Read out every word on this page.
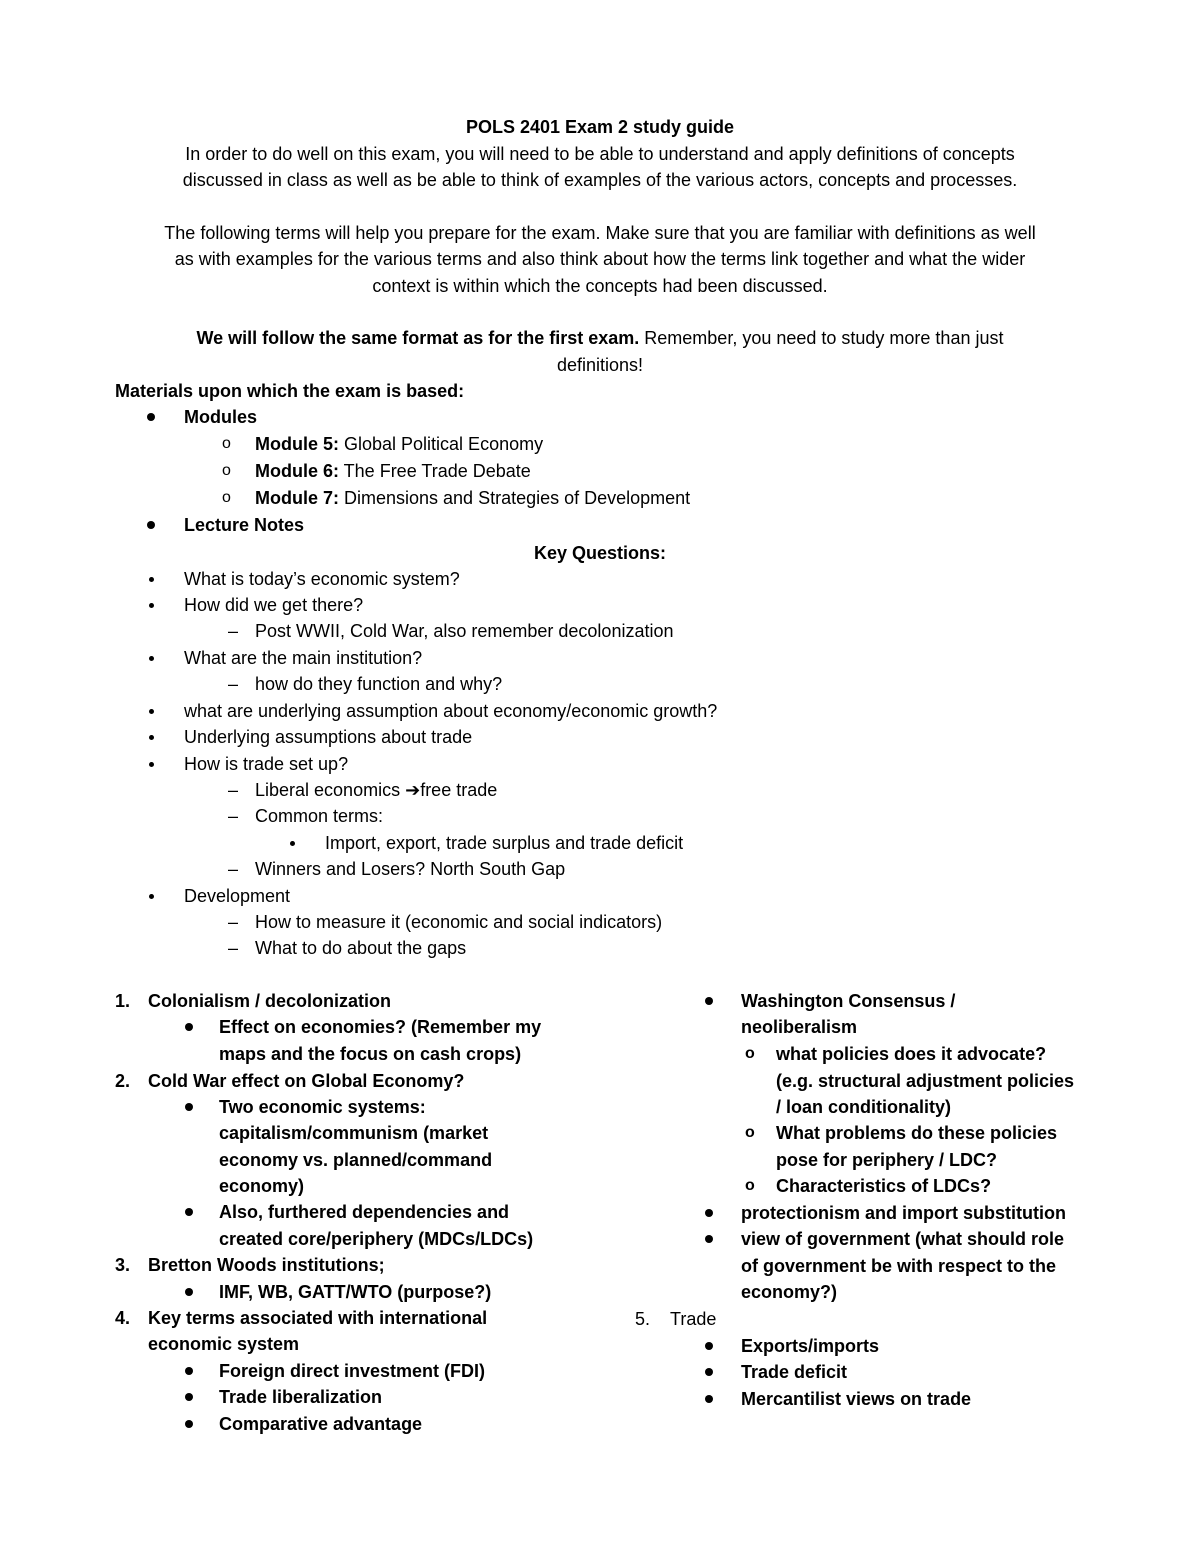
POLS 2401 Exam 2 study guide
In order to do well on this exam, you will need to be able to understand and apply definitions of concepts
discussed in class as well as be able to think of examples of the various actors, concepts and processes.
The following terms will help you prepare for the exam. Make sure that you are familiar with definitions as well
as with examples for the various terms and also think about how the terms link together and what the wider
context is within which the concepts had been discussed.
We will follow the same format as for the first exam. Remember, you need to study more than just
definitions!
Materials upon which the exam is based:
Modules
o Module 5: Global Political Economy
o Module 6: The Free Trade Debate
o Module 7: Dimensions and Strategies of Development
Lecture Notes
Key Questions:
What is today’s economic system?
How did we get there?
– Post WWII, Cold War, also remember decolonization
What are the main institution?
– how do they function and why?
what are underlying assumption about economy/economic growth?
Underlying assumptions about trade
How is trade set up?
– Liberal economics ➔free trade
– Common terms:
Import, export, trade surplus and trade deficit
– Winners and Losers? North South Gap
Development
– How to measure it (economic and social indicators)
– What to do about the gaps
1. Colonialism / decolonization
Effect on economies? (Remember my
maps and the focus on cash crops)
2. Cold War effect on Global Economy?
Two economic systems:
capitalism/communism (market
economy vs. planned/command
economy)
Also, furthered dependencies and
created core/periphery (MDCs/LDCs)
3. Bretton Woods institutions;
IMF, WB, GATT/WTO (purpose?)
4. Key terms associated with international
economic system
Foreign direct investment (FDI)
Trade liberalization
Comparative advantage
Washington Consensus /
neoliberalism
o what policies does it advocate?
(e.g. structural adjustment policies
/ loan conditionality)
o What problems do these policies
pose for periphery / LDC?
o Characteristics of LDCs?
protectionism and import substitution
view of government (what should role
of government be with respect to the
economy?)
5. Trade
Exports/imports
Trade deficit
Mercantilist views on trade
